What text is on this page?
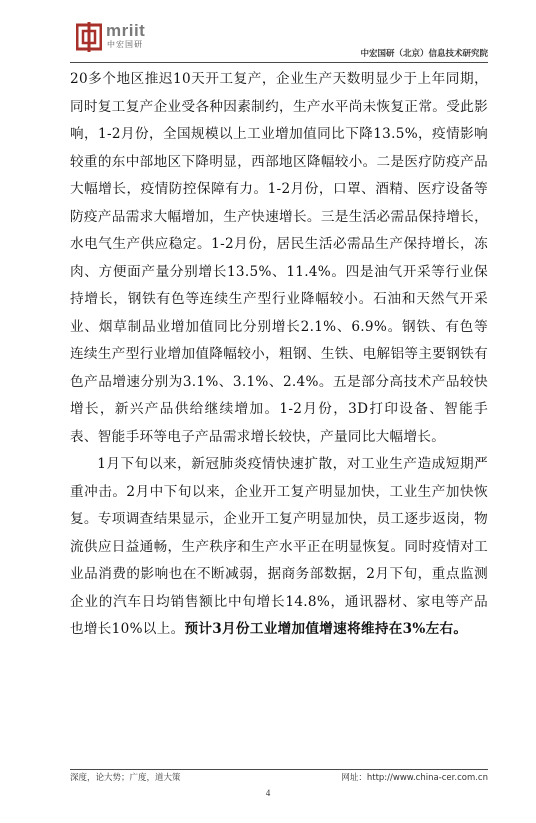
mriit
中宏国研
中宏国研（北京）信息技术研究院

20多个地区推迟10天开工复产，企业生产天数明显少于上年同期，同时复工复产企业受各种因素制约，生产水平尚未恢复正常。受此影响，1-2月份，全国规模以上工业增加值同比下降13.5%，疫情影响较重的东中部地区下降明显，西部地区降幅较小。二是医疗防疫产品大幅增长，疫情防控保障有力。1-2月份，口罩、酒精、医疗设备等防疫产品需求大幅增加，生产快速增长。三是生活必需品保持增长，水电气生产供应稳定。1-2月份，居民生活必需品生产保持增长，冻肉、方便面产量分别增长13.5%、11.4%。四是油气开采等行业保持增长，钢铁有色等连续生产型行业降幅较小。石油和天然气开采业、烟草制品业增加值同比分别增长2.1%、6.9%。钢铁、有色等连续生产型行业增加值降幅较小，粗钢、生铁、电解铝等主要钢铁有色产品增速分别为3.1%、3.1%、2.4%。五是部分高技术产品较快增长，新兴产品供给继续增加。1-2月份，3D打印设备、智能手表、智能手环等电子产品需求增长较快，产量同比大幅增长。

1月下旬以来，新冠肺炎疫情快速扩散，对工业生产造成短期严重冲击。2月中下旬以来，企业开工复产明显加快，工业生产加快恢复。专项调查结果显示，企业开工复产明显加快，员工逐步返岗，物流供应日益通畅，生产秩序和生产水平正在明显恢复。同时疫情对工业品消费的影响也在不断减弱，据商务部数据，2月下旬，重点监测企业的汽车日均销售额比中旬增长14.8%，通讯器材、家电等产品也增长10%以上。预计3月份工业增加值增速将维持在3%左右。

深度，论大势；广度，道大策	网址：http://www.china-cer.com.cn
4
